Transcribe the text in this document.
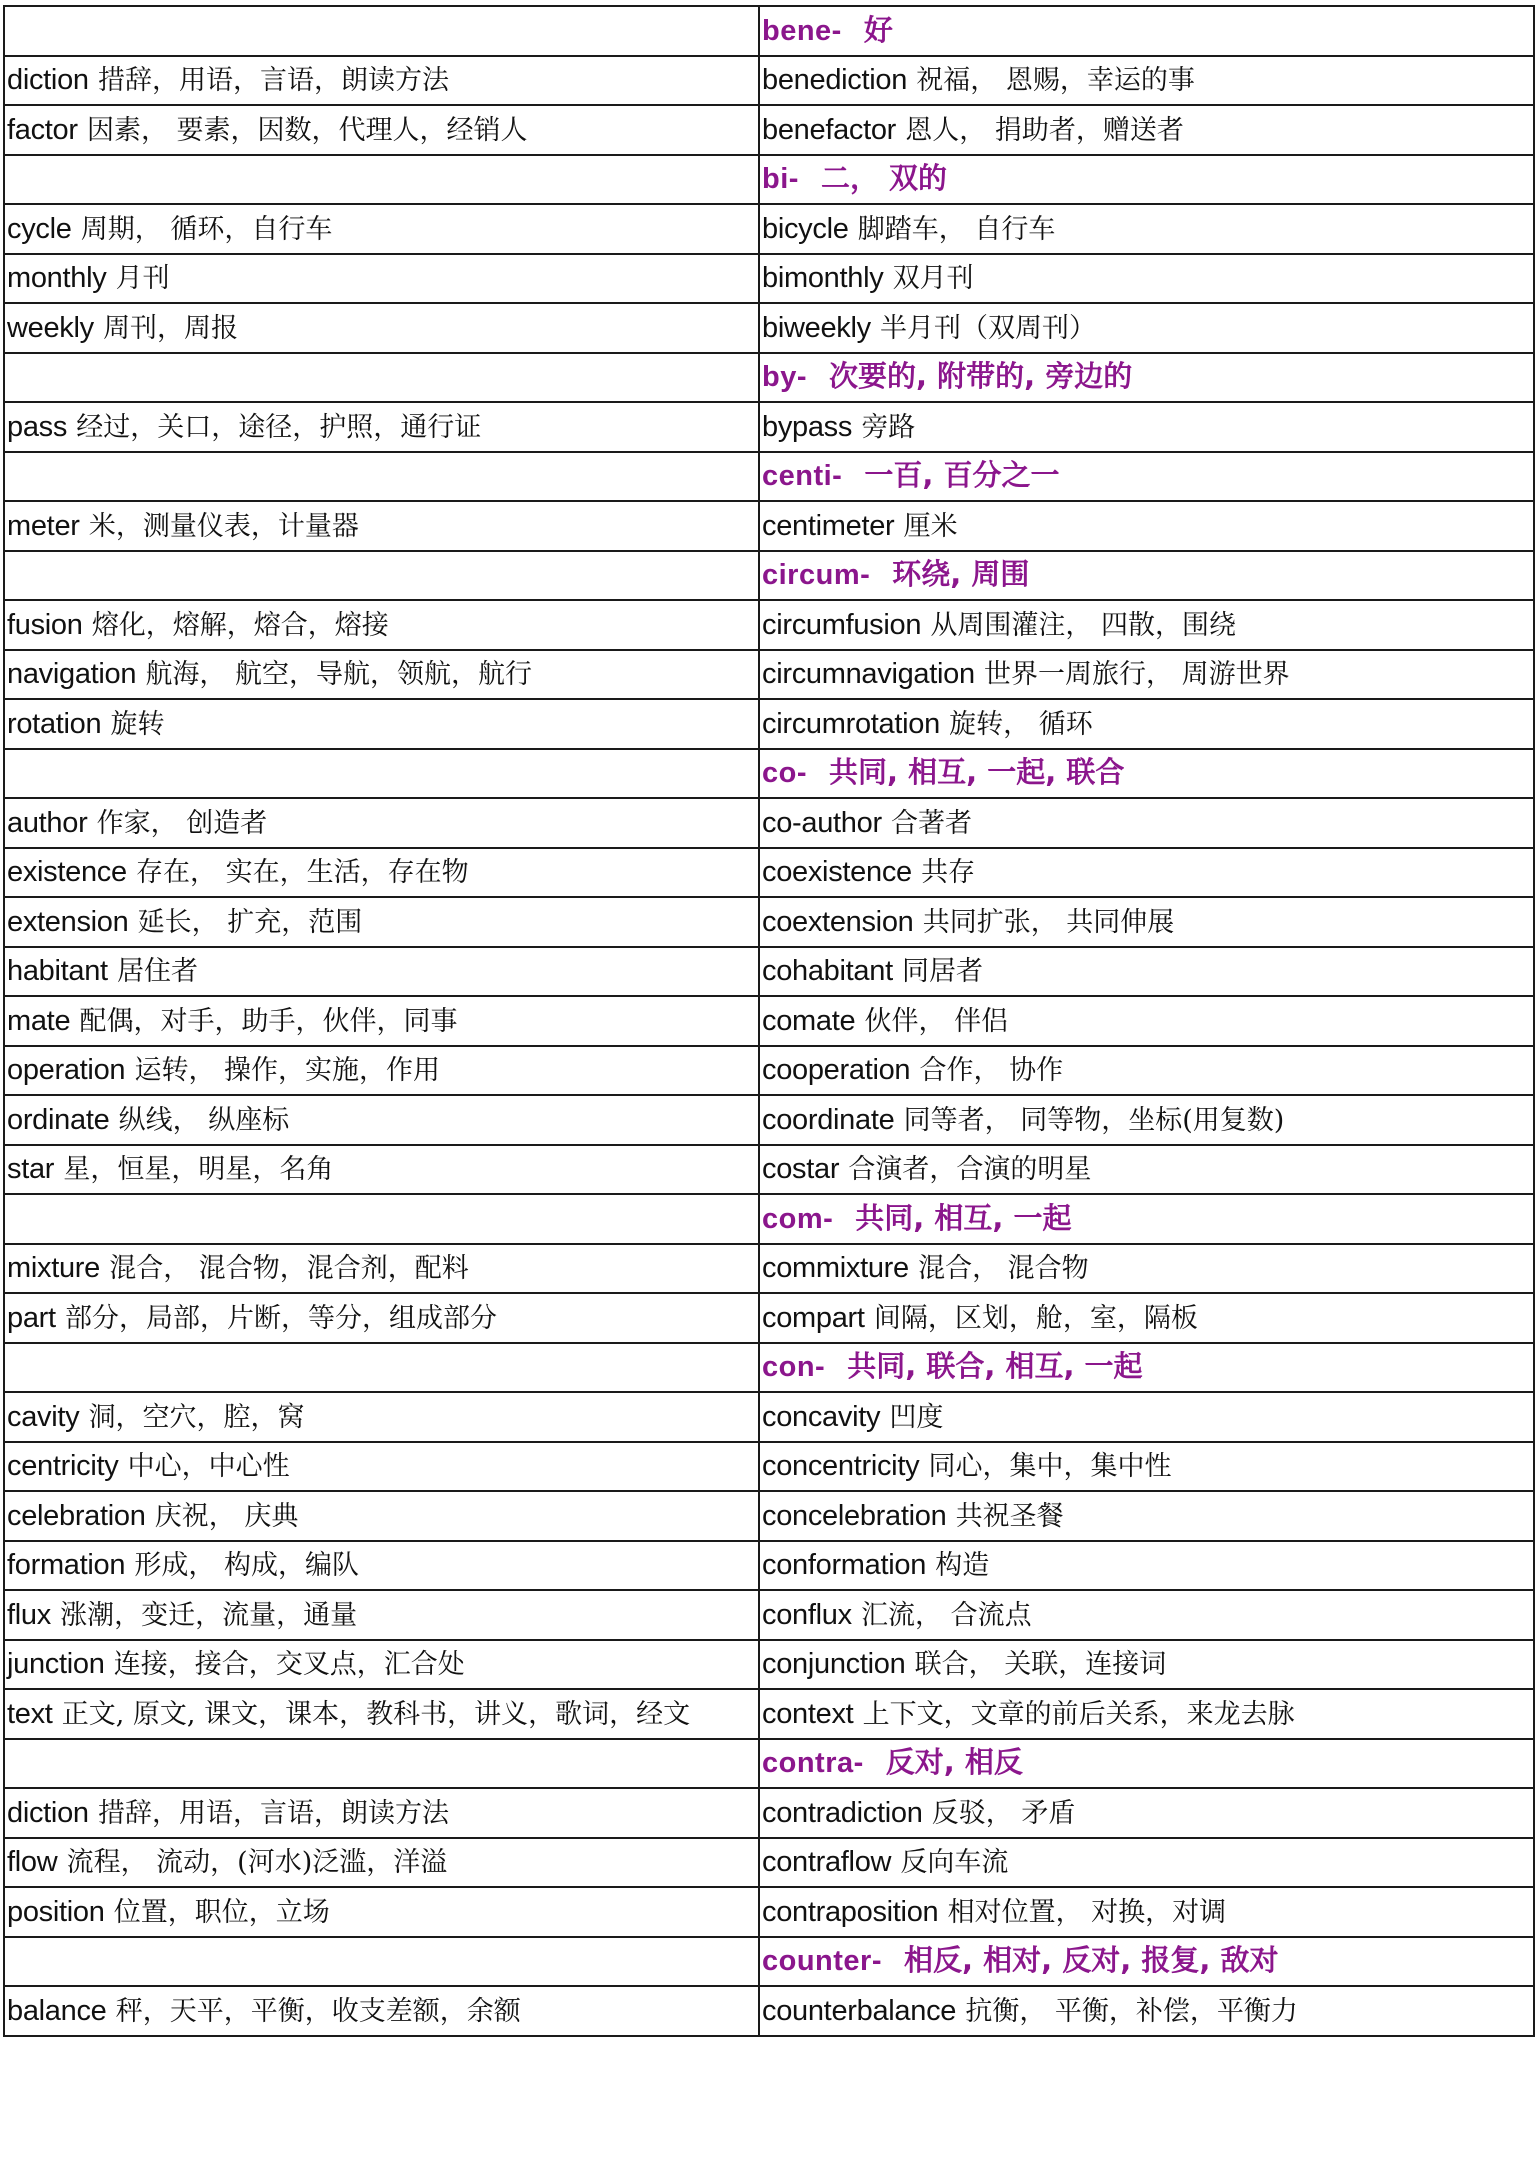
	bene- 好
diction 措辞，用语，言语，朗读方法	benediction 祝福， 恩赐，幸运的事
factor 因素， 要素，因数，代理人，经销人	benefactor 恩人， 捐助者，赠送者
	bi- 二， 双的
cycle 周期， 循环，自行车	bicycle 脚踏车， 自行车
monthly 月刊	bimonthly 双月刊
weekly 周刊，周报	biweekly 半月刊（双周刊）
	by- 次要的, 附带的, 旁边的
pass 经过，关口，途径，护照，通行证	bypass 旁路
	centi- 一百, 百分之一
meter 米，测量仪表，计量器	centimeter 厘米
	circum- 环绕, 周围
fusion 熔化，熔解，熔合，熔接	circumfusion 从周围灌注， 四散，围绕
navigation 航海， 航空，导航，领航，航行	circumnavigation 世界一周旅行， 周游世界
rotation 旋转	circumrotation 旋转， 循环
	co- 共同, 相互, 一起, 联合
author 作家， 创造者	co-author 合著者
existence 存在， 实在，生活，存在物	coexistence 共存
extension 延长， 扩充，范围	coextension 共同扩张， 共同伸展
habitant 居住者	cohabitant 同居者
mate 配偶，对手，助手，伙伴，同事	comate 伙伴， 伴侣
operation 运转， 操作，实施，作用	cooperation 合作， 协作
ordinate 纵线， 纵座标	coordinate 同等者， 同等物，坐标(用复数)
star 星，恒星，明星，名角	costar 合演者，合演的明星
	com- 共同, 相互, 一起
mixture 混合， 混合物，混合剂，配料	commixture 混合， 混合物
part 部分，局部，片断，等分，组成部分	compart 间隔，区划，舱，室，隔板
	con- 共同, 联合, 相互, 一起
cavity 洞，空穴，腔，窝	concavity 凹度
centricity 中心，中心性	concentricity 同心，集中，集中性
celebration 庆祝， 庆典	concelebration 共祝圣餐
formation 形成， 构成，编队	conformation 构造
flux 涨潮，变迁，流量，通量	conflux 汇流， 合流点
junction 连接，接合，交叉点，汇合处	conjunction 联合， 关联，连接词
text 正文, 原文, 课文，课本，教科书，讲义，歌词，经文	context 上下文，文章的前后关系，来龙去脉
	contra- 反对, 相反
diction 措辞，用语，言语，朗读方法	contradiction 反驳， 矛盾
flow 流程， 流动，(河水)泛滥，洋溢	contraflow 反向车流
position 位置，职位，立场	contraposition 相对位置， 对换，对调
	counter- 相反, 相对, 反对, 报复, 敌对
balance 秤，天平，平衡，收支差额，余额	counterbalance 抗衡， 平衡，补偿，平衡力
